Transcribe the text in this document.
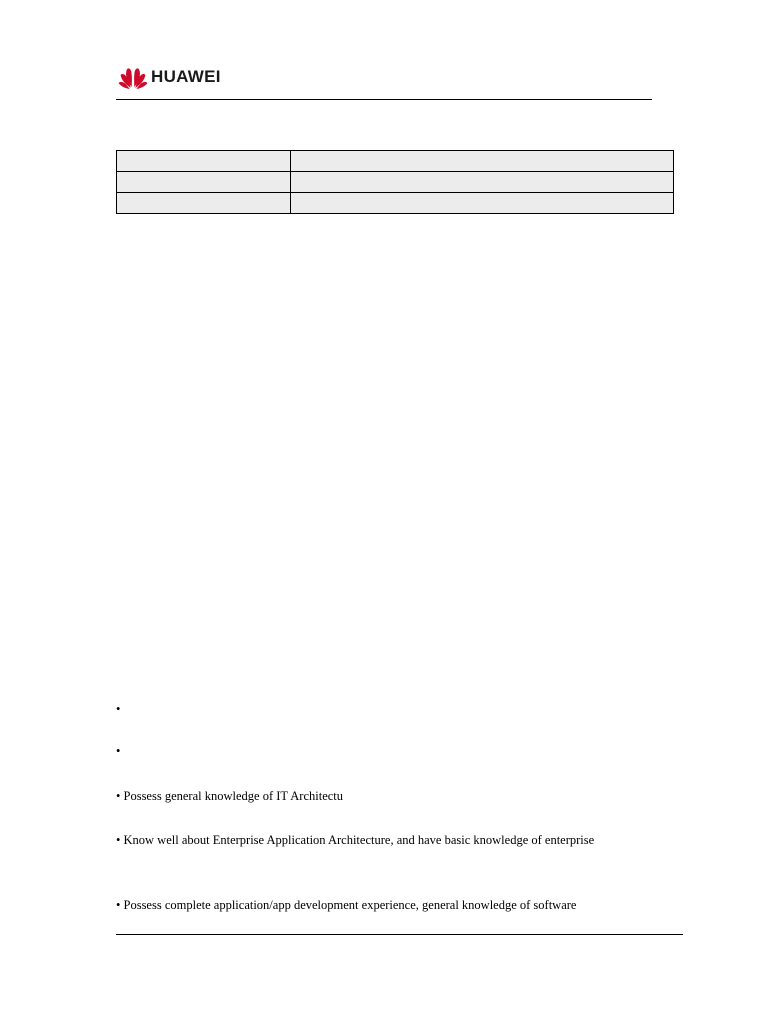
HUAWEI

•
•
• Possess general knowledge of IT Architectu
• Know well about Enterprise Application Architecture, and have basic knowledge of enterprise
• Possess complete application/app development experience, general knowledge of software
